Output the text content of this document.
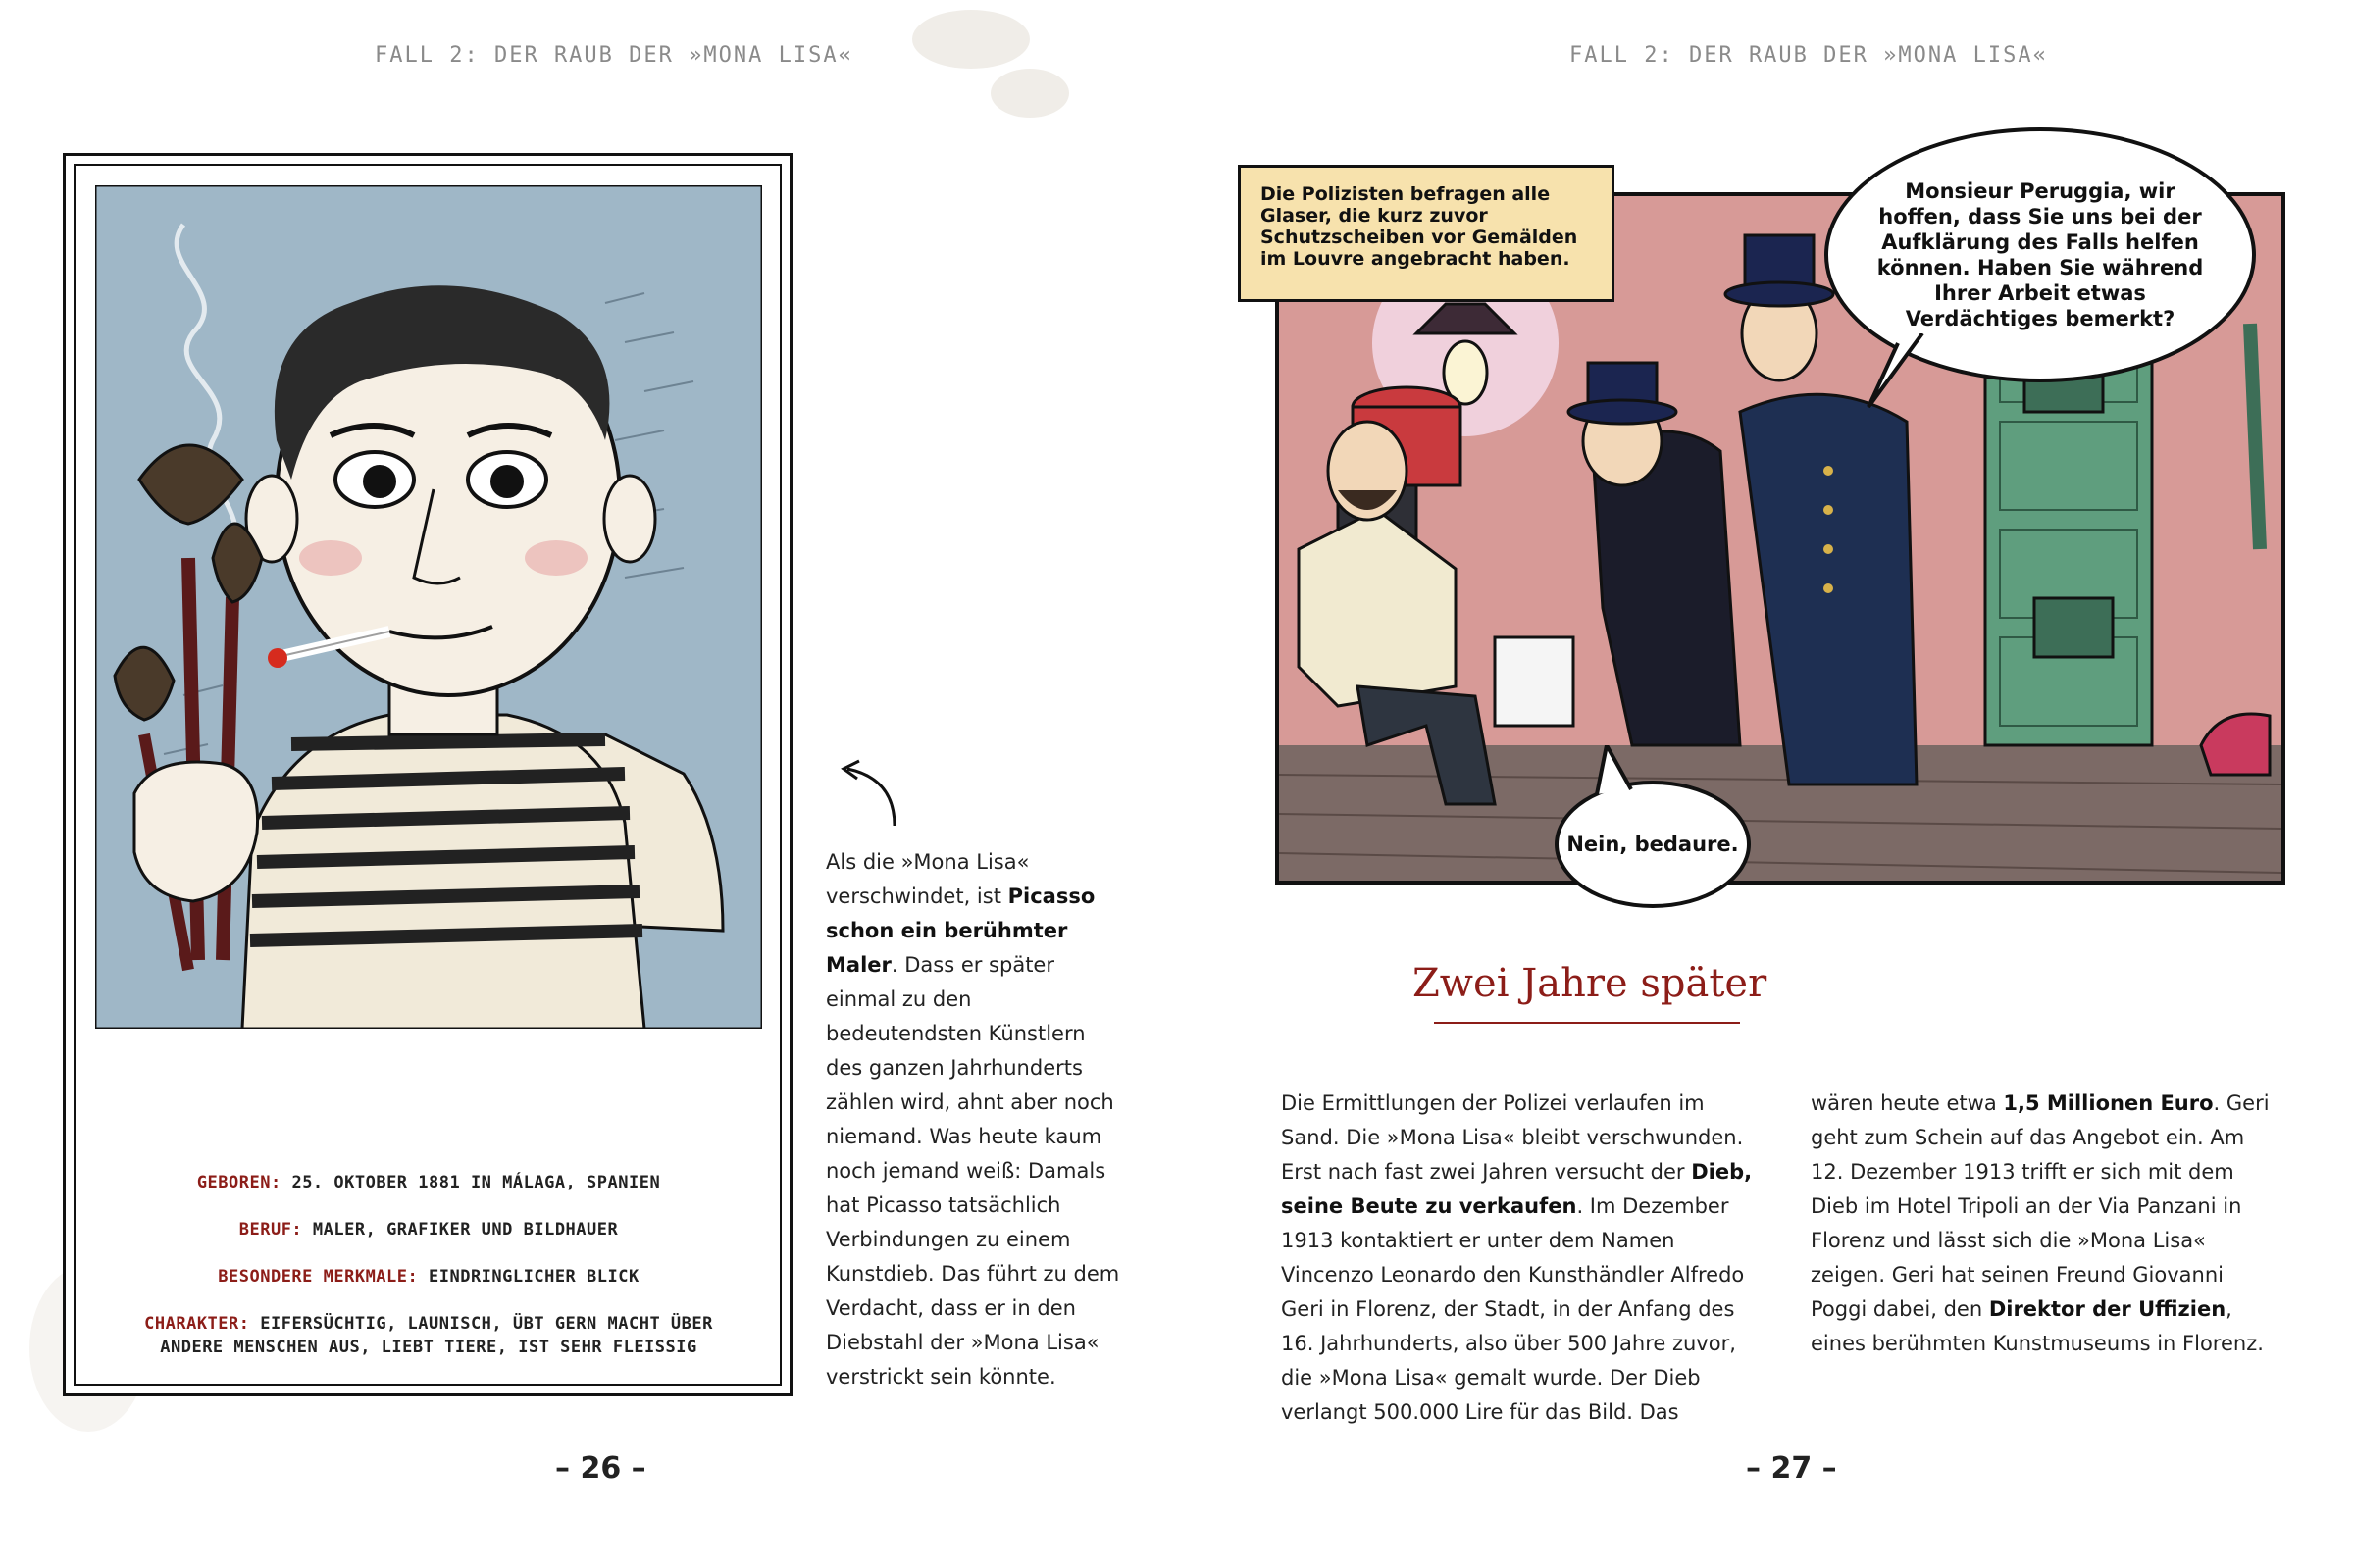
FALL 2: DER RAUB DER »MONA LISA«
GEBOREN: 25. OKTOBER 1881 IN MÁLAGA, SPANIEN
BERUF: MALER, GRAFIKER UND BILDHAUER
BESONDERE MERKMALE: EINDRINGLICHER BLICK
CHARAKTER: EIFERSÜCHTIG, LAUNISCH, ÜBT GERN MACHT ÜBER
ANDERE MENSCHEN AUS, LIEBT TIERE, IST SEHR FLEISSIG
Als die »Mona Lisa« verschwindet, ist Picasso schon ein berühmter Maler. Dass er später einmal zu den bedeutendsten Künstlern des ganzen Jahrhunderts zählen wird, ahnt aber noch niemand. Was heute kaum noch jemand weiß: Damals hat Picasso tatsächlich Verbindungen zu einem Kunstdieb. Das führt zu dem Verdacht, dass er in den Diebstahl der »Mona Lisa« verstrickt sein könnte.
– 26 –
FALL 2: DER RAUB DER »MONA LISA«
Die Polizisten befragen alle Glaser, die kurz zuvor Schutzscheiben vor Gemälden im Louvre angebracht haben.
Monsieur Peruggia, wir hoffen, dass Sie uns bei der Aufklärung des Falls helfen können. Haben Sie während Ihrer Arbeit etwas Verdächtiges bemerkt?
Nein, bedaure.
Zwei Jahre später
Die Ermittlungen der Polizei verlaufen im Sand. Die »Mona Lisa« bleibt verschwunden. Erst nach fast zwei Jahren versucht der Dieb, seine Beute zu verkaufen. Im Dezember 1913 kontaktiert er unter dem Namen Vincenzo Leonardo den Kunsthändler Alfredo Geri in Florenz, der Stadt, in der Anfang des 16. Jahrhunderts, also über 500 Jahre zuvor, die »Mona Lisa« gemalt wurde. Der Dieb verlangt 500.000 Lire für das Bild. Das
wären heute etwa 1,5 Millionen Euro. Geri geht zum Schein auf das Angebot ein. Am 12. Dezember 1913 trifft er sich mit dem Dieb im Hotel Tripoli an der Via Panzani in Florenz und lässt sich die »Mona Lisa« zeigen. Geri hat seinen Freund Giovanni Poggi dabei, den Direktor der Uffizien, eines berühmten Kunstmuseums in Florenz.
– 27 –
